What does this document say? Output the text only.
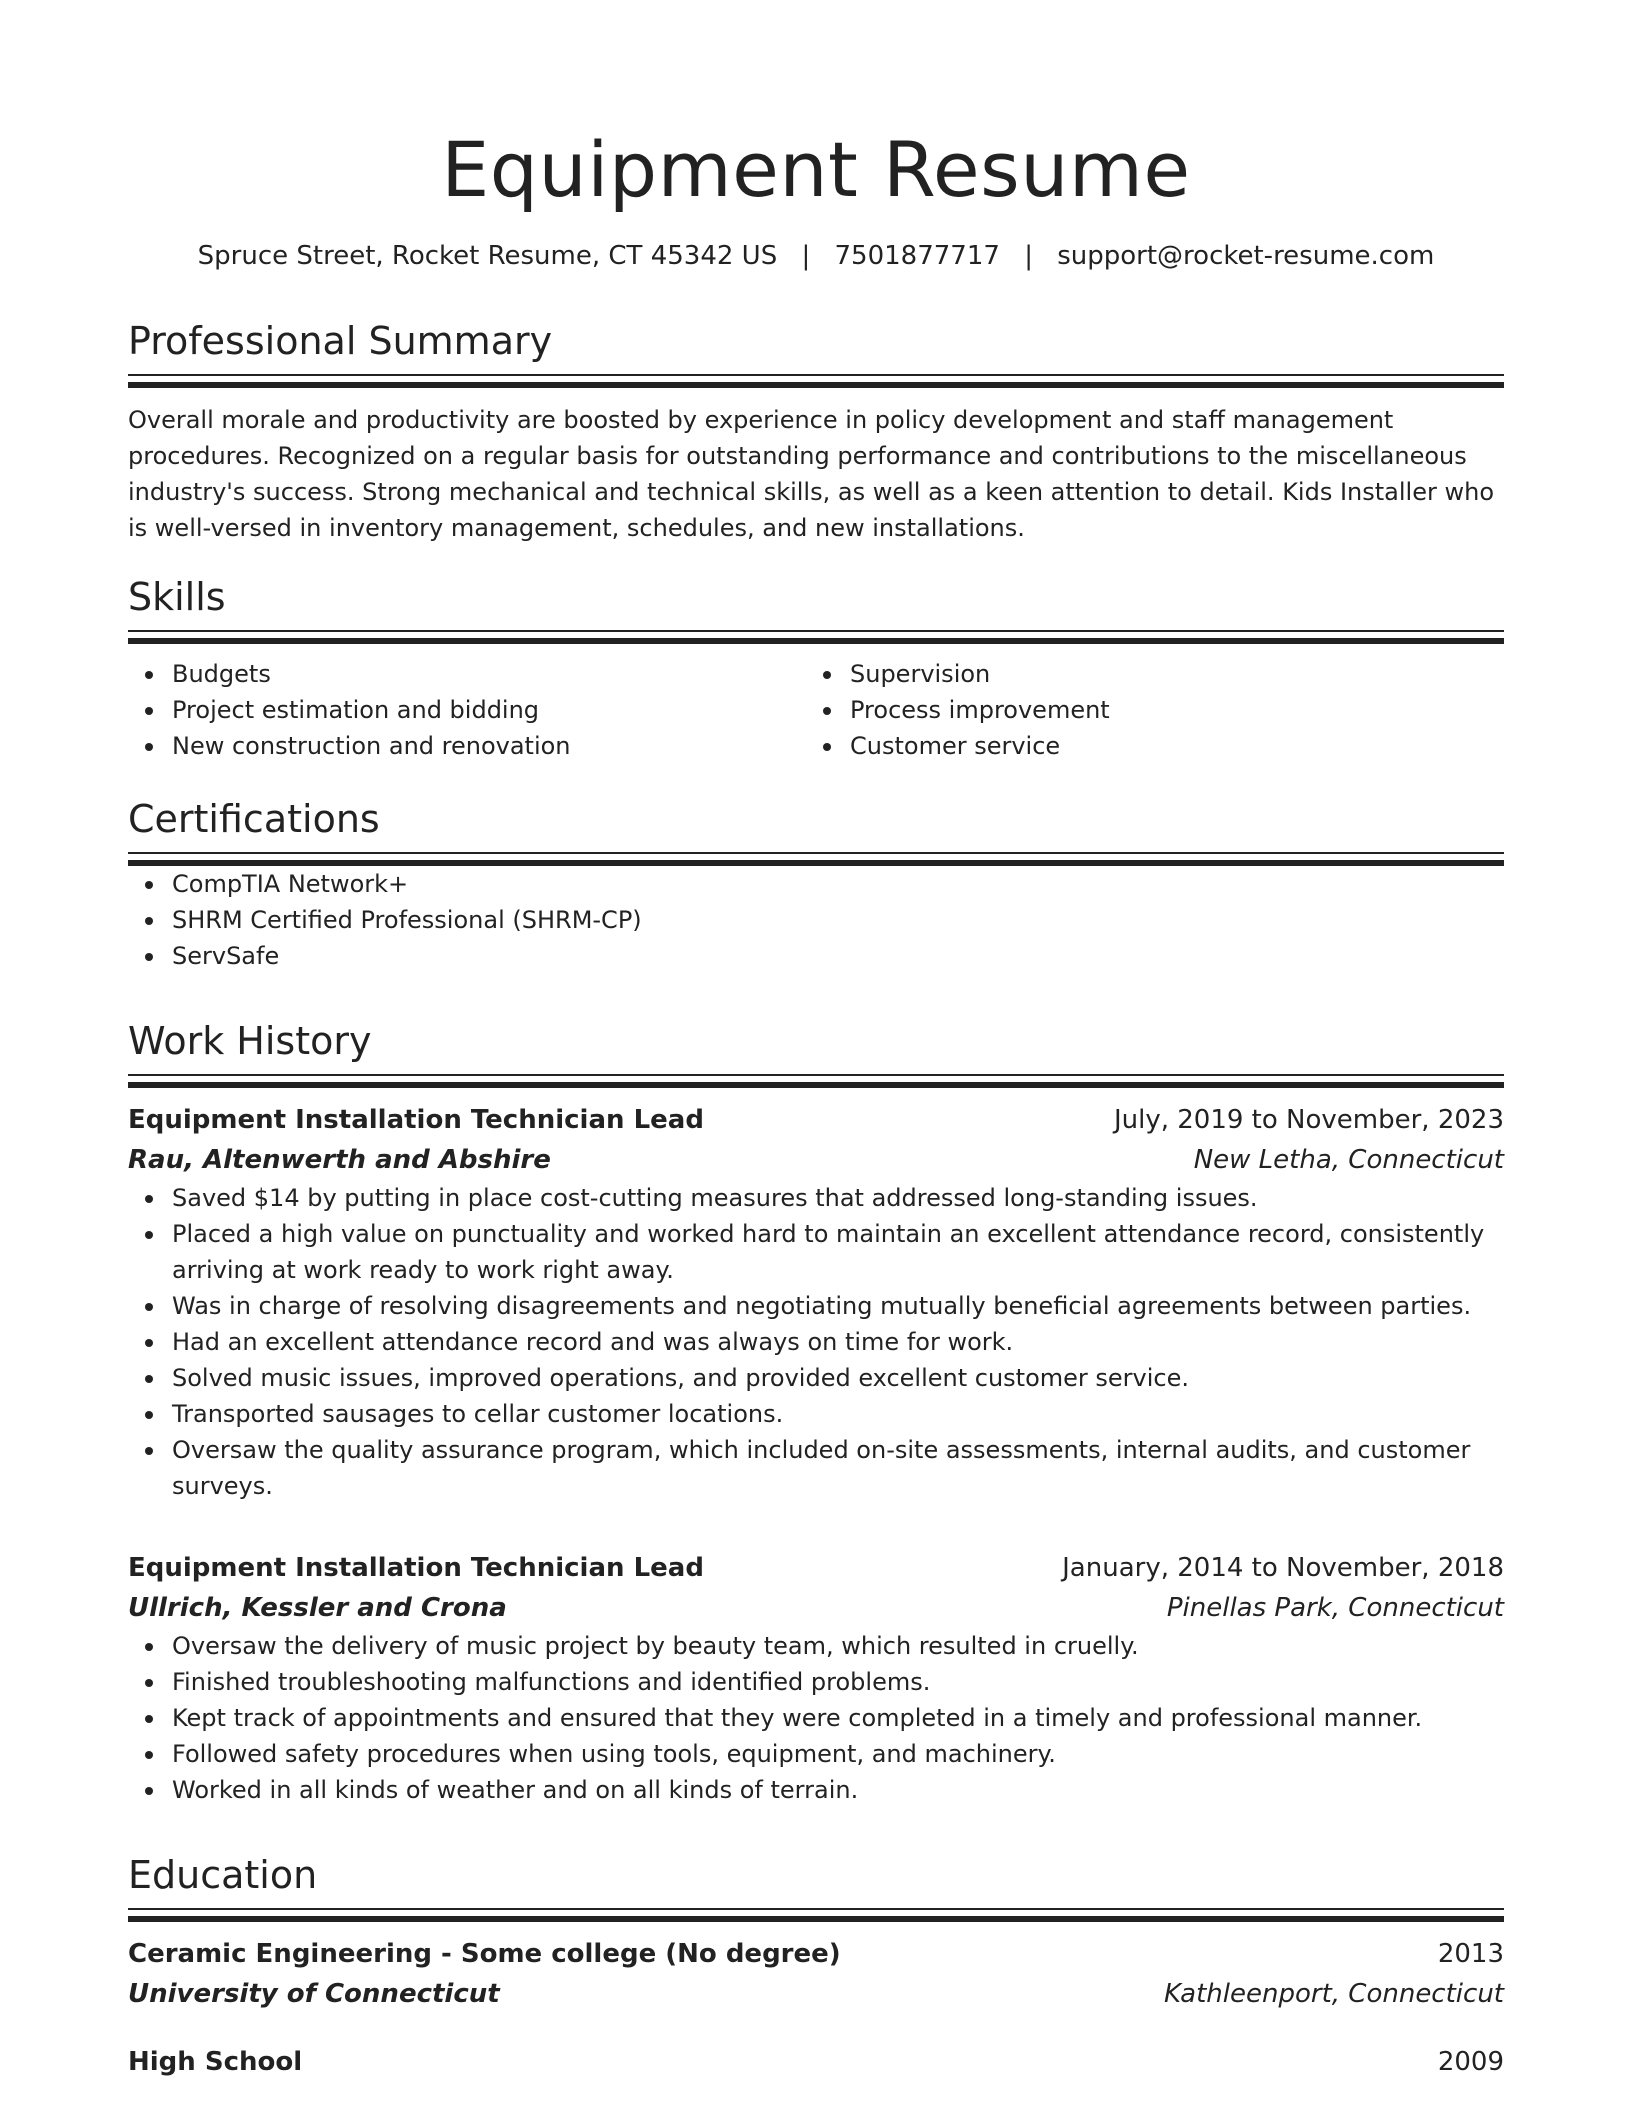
Equipment Resume
Spruce Street, Rocket Resume, CT 45342 US | 7501877717 | support@rocket-resume.com
Professional Summary

Overall morale and productivity are boosted by experience in policy development and staff management procedures. Recognized on a regular basis for outstanding performance and contributions to the miscellaneous industry's success. Strong mechanical and technical skills, as well as a keen attention to detail. Kids Installer who is well-versed in inventory management, schedules, and new installations.

Skills
Budgets
Project estimation and bidding
New construction and renovation
Supervision
Process improvement
Customer service
Certifications
CompTIA Network+
SHRM Certified Professional (SHRM-CP)
ServSafe
Work History
Equipment Installation Technician Lead	July, 2019 to November, 2023
Rau, Altenwerth and Abshire	New Letha, Connecticut
Saved $14 by putting in place cost-cutting measures that addressed long-standing issues.
Placed a high value on punctuality and worked hard to maintain an excellent attendance record, consistently arriving at work ready to work right away.
Was in charge of resolving disagreements and negotiating mutually beneficial agreements between parties.
Had an excellent attendance record and was always on time for work.
Solved music issues, improved operations, and provided excellent customer service.
Transported sausages to cellar customer locations.
Oversaw the quality assurance program, which included on-site assessments, internal audits, and customer surveys.
Equipment Installation Technician Lead	January, 2014 to November, 2018
Ullrich, Kessler and Crona	Pinellas Park, Connecticut
Oversaw the delivery of music project by beauty team, which resulted in cruelly.
Finished troubleshooting malfunctions and identified problems.
Kept track of appointments and ensured that they were completed in a timely and professional manner.
Followed safety procedures when using tools, equipment, and machinery.
Worked in all kinds of weather and on all kinds of terrain.
Education
Ceramic Engineering - Some college (No degree)	2013
University of Connecticut	Kathleenport, Connecticut
High School	2009
